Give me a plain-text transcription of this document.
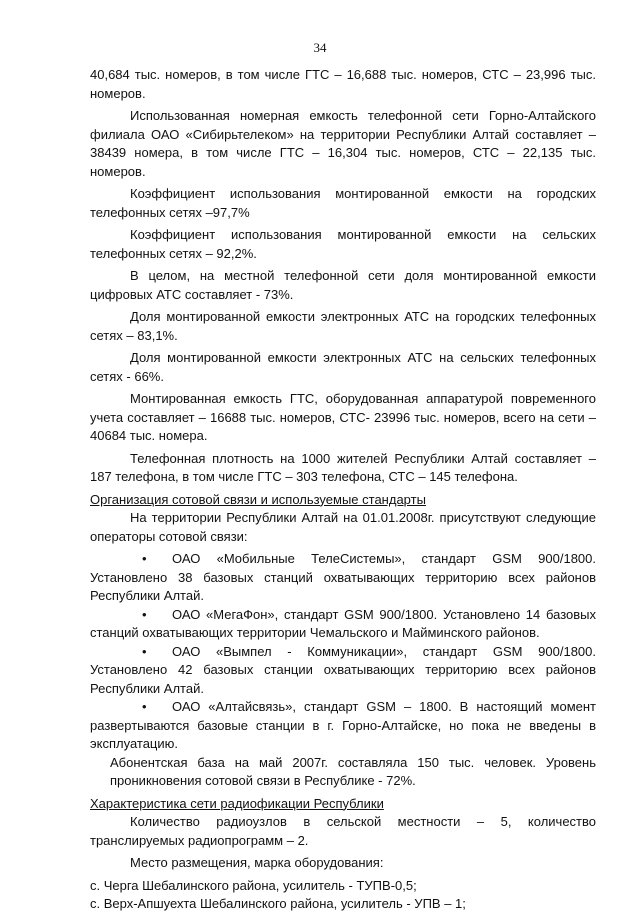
34

40,684 тыс. номеров, в том числе ГТС – 16,688 тыс. номеров, СТС – 23,996 тыс. номеров.

Использованная номерная емкость телефонной сети Горно-Алтайского филиала ОАО «Сибирьтелеком» на территории Республики Алтай составляет – 38439 номера, в том числе ГТС – 16,304 тыс. номеров, СТС – 22,135 тыс. номеров.

Коэффициент использования монтированной емкости на городских телефонных сетях –97,7%

Коэффициент использования монтированной емкости на сельских телефонных сетях – 92,2%.

В целом, на местной телефонной сети доля монтированной емкости цифровых АТС составляет - 73%.

Доля монтированной емкости электронных АТС на городских телефонных сетях – 83,1%.

Доля монтированной емкости электронных АТС на сельских телефонных сетях - 66%.

Монтированная емкость ГТС, оборудованная аппаратурой повременного учета составляет – 16688 тыс. номеров, СТС- 23996 тыс. номеров, всего на сети – 40684 тыс. номера.

Телефонная плотность на 1000 жителей Республики Алтай составляет – 187 телефона, в том числе ГТС – 303 телефона, СТС – 145 телефона.

Организация сотовой связи и используемые стандарты

На территории Республики Алтай на 01.01.2008г. присутствуют следующие операторы сотовой связи:

• ОАО «Мобильные ТелеСистемы», стандарт GSM 900/1800. Установлено 38 базовых станций охватывающих территорию всех районов Республики Алтай.

• ОАО «МегаФон», стандарт GSM 900/1800. Установлено 14 базовых станций охватывающих территории Чемальского и Майминского районов.

• ОАО «Вымпел - Коммуникации», стандарт GSM 900/1800. Установлено 42 базовых станции охватывающих территорию всех районов Республики Алтай.

• ОАО «Алтайсвязь», стандарт GSM – 1800. В настоящий момент развертываются базовые станции в г. Горно-Алтайске, но пока не введены в эксплуатацию.

Абонентская база на май 2007г. составляла 150 тыс. человек. Уровень проникновения сотовой связи в Республике - 72%.

Характеристика сети радиофикации Республики

Количество радиоузлов в сельской местности – 5, количество транслируемых радиопрограмм – 2.

Место размещения, марка оборудования:

с. Черга Шебалинского района, усилитель - ТУПВ-0,5;

с. Верх-Апшуехта Шебалинского района, усилитель - УПВ – 1;
